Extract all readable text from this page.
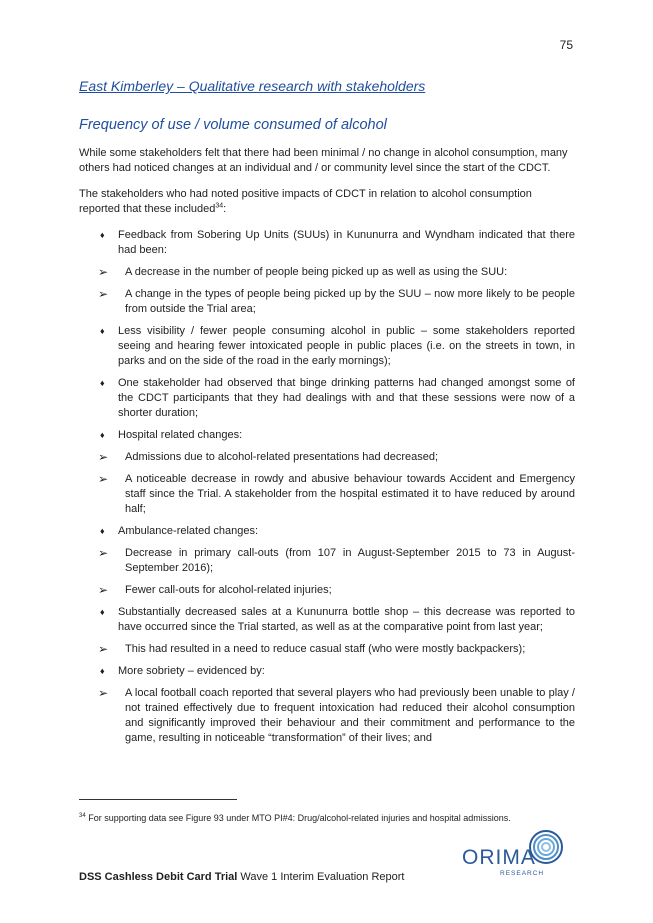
75
East Kimberley – Qualitative research with stakeholders
Frequency of use / volume consumed of alcohol

While some stakeholders felt that there had been minimal / no change in alcohol consumption, many others had noticed changes at an individual and / or community level since the start of the CDCT.

The stakeholders who had noted positive impacts of CDCT in relation to alcohol consumption reported that these included$^{34}$:

♦ Feedback from Sobering Up Units (SUUs) in Kununurra and Wyndham indicated that there had been:
➢ A decrease in the number of people being picked up as well as using the SUU:
➢ A change in the types of people being picked up by the SUU – now more likely to be people from outside the Trial area;
♦ Less visibility / fewer people consuming alcohol in public – some stakeholders reported seeing and hearing fewer intoxicated people in public places (i.e. on the streets in town, in parks and on the side of the road in the early mornings);
♦ One stakeholder had observed that binge drinking patterns had changed amongst some of the CDCT participants that they had dealings with and that these sessions were now of a shorter duration;
♦ Hospital related changes:
➢ Admissions due to alcohol-related presentations had decreased;
➢ A noticeable decrease in rowdy and abusive behaviour towards Accident and Emergency staff since the Trial. A stakeholder from the hospital estimated it to have reduced by around half;
♦ Ambulance-related changes:
➢ Decrease in primary call-outs (from 107 in August-September 2015 to 73 in August-September 2016);
➢ Fewer call-outs for alcohol-related injuries;
♦ Substantially decreased sales at a Kununurra bottle shop – this decrease was reported to have occurred since the Trial started, as well as at the comparative point from last year;
➢ This had resulted in a need to reduce casual staff (who were mostly backpackers);
♦ More sobriety – evidenced by:
➢ A local football coach reported that several players who had previously been unable to play / not trained effectively due to frequent intoxication had reduced their alcohol consumption and significantly improved their behaviour and their commitment and performance to the game, resulting in noticeable “transformation” of their lives; and
$^{34}$ For supporting data see Figure 93 under MTO PI#4: Drug/alcohol-related injuries and hospital admissions.
DSS Cashless Debit Card Trial Wave 1 Interim Evaluation Report
ORIMA
RESEARCH
